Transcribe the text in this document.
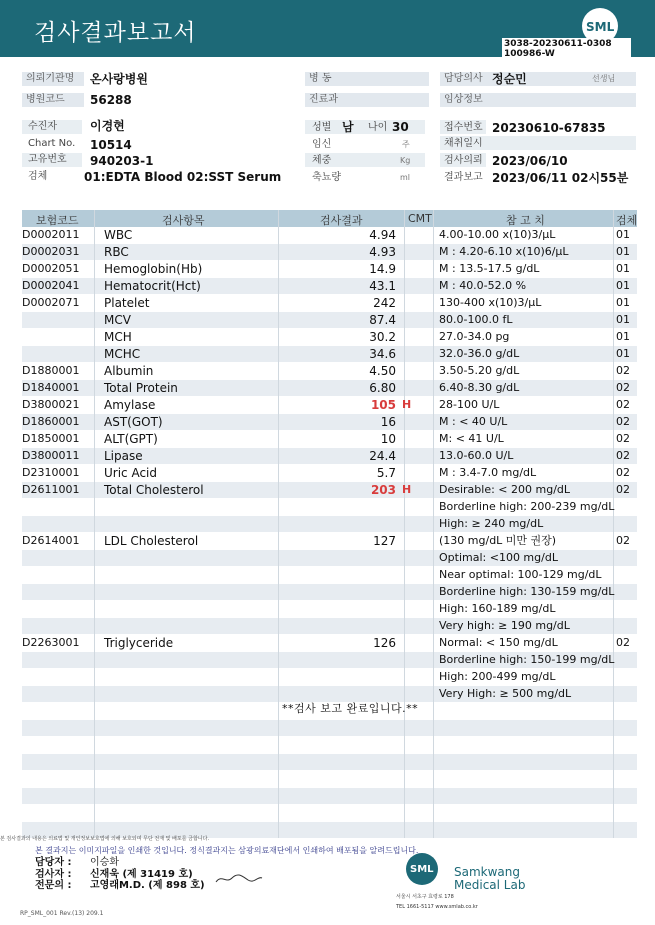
검사결과보고서	SML
3038-20230611-0308 100986-W
의뢰기관명	온사랑병원
병원코드	56288
병 동
진료과
담당의사 정순민	선생님
임상정보
수진자	이경현
Chart No. 10514
고유번호 940203-1
검체	01:EDTA Blood 02:SST Serum
성별 남 나이 30
임신	주
체중	Kg
축뇨량	ml
접수번호 20230610-67835
채취일시
검사의뢰 2023/06/10
결과보고 2023/06/11 02시55분
보험코드	검사항목	검사결과	CMT	참 고 치	검체
D0002011 WBC	4.94	4.00-10.00 x(10)3/μL	01
D0002031 RBC	4.93	M : 4.20-6.10 x(10)6/μL	01
D0002051 Hemoglobin(Hb)	14.9	M : 13.5-17.5 g/dL	01
D0002041 Hematocrit(Hct)	43.1	M : 40.0-52.0 %	01
D0002071 Platelet	242	130-400 x(10)3/μL	01
MCV	87.4	80.0-100.0 fL	01
MCH	30.2	27.0-34.0 pg	01
MCHC	34.6	32.0-36.0 g/dL	01
D1880001 Albumin	4.50	3.50-5.20 g/dL	02
D1840001 Total Protein	6.80	6.40-8.30 g/dL	02
D3800021 Amylase	105 H	28-100 U/L	02
D1860001 AST(GOT)	16	M : < 40 U/L	02
D1850001 ALT(GPT)	10	M: < 41 U/L	02
D3800011 Lipase	24.4	13.0-60.0 U/L	02
D2310001 Uric Acid	5.7	M : 3.4-7.0 mg/dL	02
D2611001 Total Cholesterol	203 H	Desirable: < 200 mg/dL	02
Borderline high: 200-239 mg/dL
High: ≥ 240 mg/dL
D2614001 LDL Cholesterol	127	(130 mg/dL 미만 권장)	02
Optimal: <100 mg/dL
Near optimal: 100-129 mg/dL
Borderline high: 130-159 mg/dL
High: 160-189 mg/dL
Very high: ≥ 190 mg/dL
D2263001 Triglyceride	126	Normal: < 150 mg/dL	02
Borderline high: 150-199 mg/dL
High: 200-499 mg/dL
Very High: ≥ 500 mg/dL
**검사 보고 완료입니다.**
본 검사결과의 내용은 의료법 및 개인정보보호법에 의해 보호되며 무단 전재 및 배포를 금합니다.
본 결과지는 이미지파일을 인쇄한 것입니다. 정식결과지는 삼광의료재단에서 인쇄하여 배포됨을 알려드립니다.
담당자 : 이승화
검사자 : 신재욱 (제 31419 호)
전문의 : 고영래M.D. (제 898 호)
SML Samkwang
Medical Lab
서울시 서초구 효령로 178
TEL 1661-5117 www.smlab.co.kr
RP_SML_001 Rev.(13) 209.1
